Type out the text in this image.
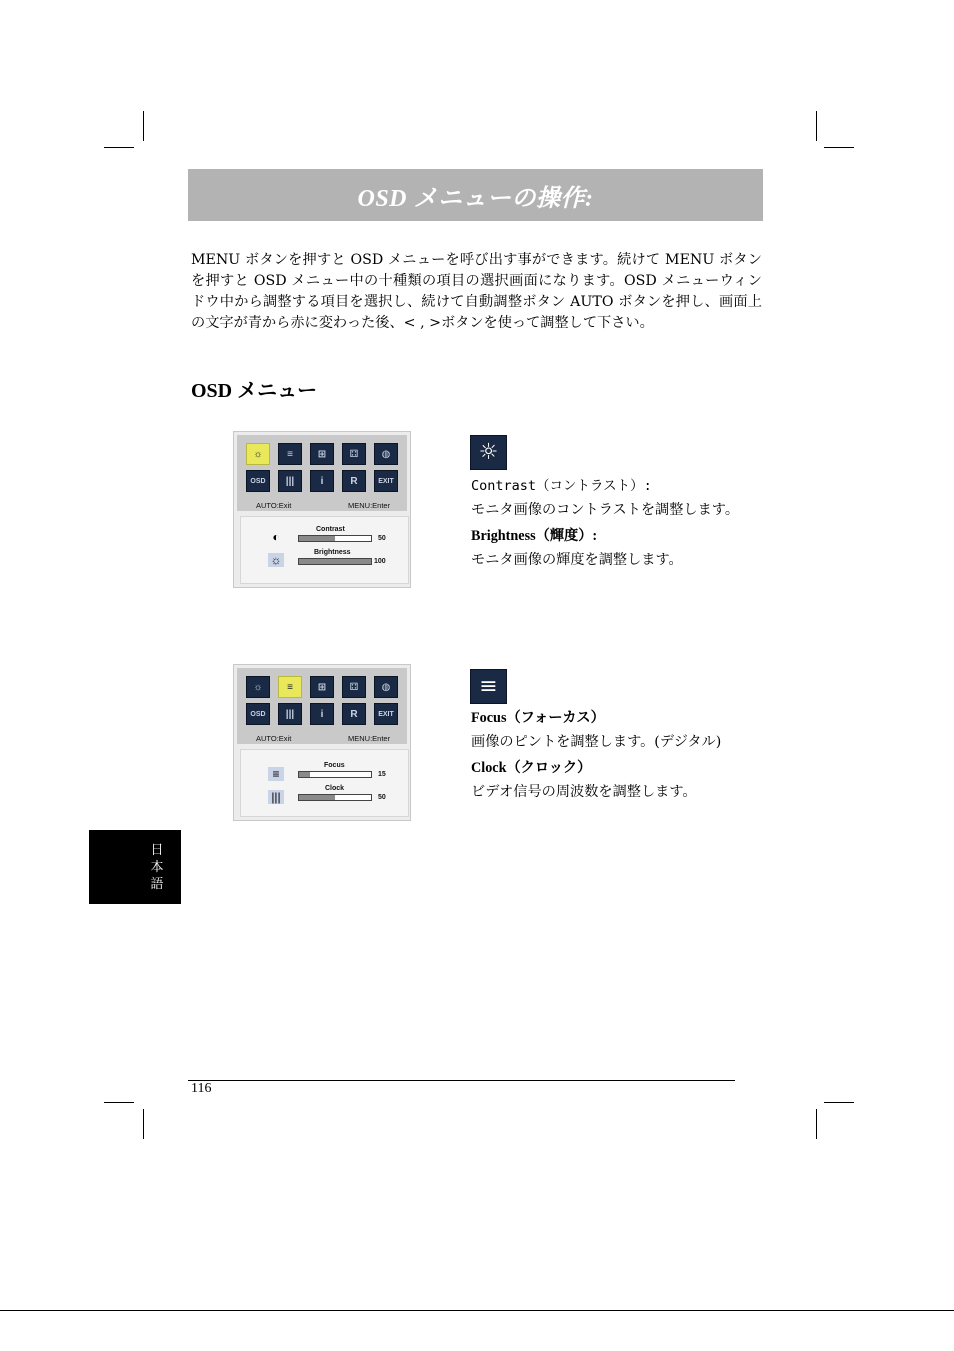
OSD メニューの操作:
MENU ボタンを押すと OSD メニューを呼び出す事ができます。続けて MENU ボタンを押すと OSD メニュー中の十種類の項目の選択画面になります。OSD メニューウィンドウ中から調整する項目を選択し、続けて自動調整ボタン AUTO ボタンを押し、画面上の文字が青から赤に変わった後、< , >ボタンを使って調整して下さい。
OSD メニュー
☼	≡	⊞	⚃	◍
OSD	|||	i	R	EXIT
AUTO:Exit	MENU:Enter
◐
Contrast
50
☼
Brightness
100
☼
Contrast（コントラスト）:
モニタ画像のコントラストを調整します。
Brightness（輝度）:
モニタ画像の輝度を調整します。
☼	≡	⊞	⚃	◍
OSD	|||	i	R	EXIT
AUTO:Exit	MENU:Enter
≡
Focus
15
|||
Clock
50
≡
Focus（フォーカス）
画像のピントを調整します。(デジタル)
Clock（クロック）
ビデオ信号の周波数を調整します。
日本語
116
